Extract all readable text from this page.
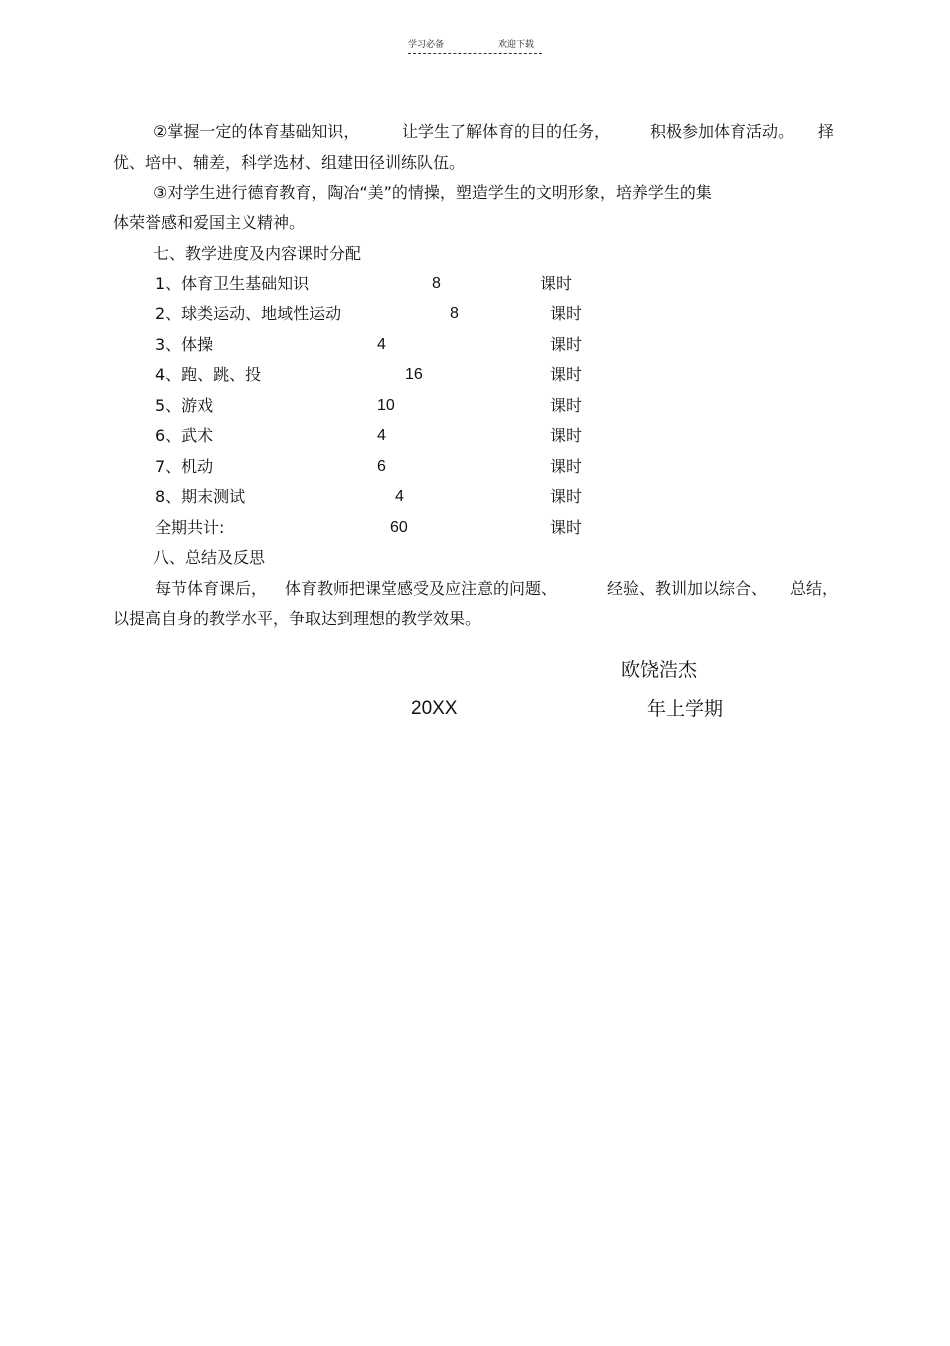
学习必备	欢迎下载
②掌握一定的体育基础知识，	让学生了解体育的目的任务， 积极参加体育活动。 择
优、培中、辅差，科学选材、组建田径训练队伍。
③对学生进行德育教育，陶冶“美”的情操，塑造学生的文明形象，培养学生的集
体荣誉感和爱国主义精神。
七、教学进度及内容课时分配
1、体育卫生基础知识	8	课时
2、球类运动、地域性运动	8	课时
3、体操	4	课时
4、跑、跳、投	16	课时
5、游戏	10	课时
6、武术	4	课时
7、机动	6	课时
8、期末测试	4	课时
全期共计:	60	课时
八、总结及反思
每节体育课后， 体育教师把课堂感受及应注意的问题、	经验、教训加以综合、 总结，
以提高自身的教学水平，争取达到理想的教学效果。
欧饶浩杰
20XX	年上学期
